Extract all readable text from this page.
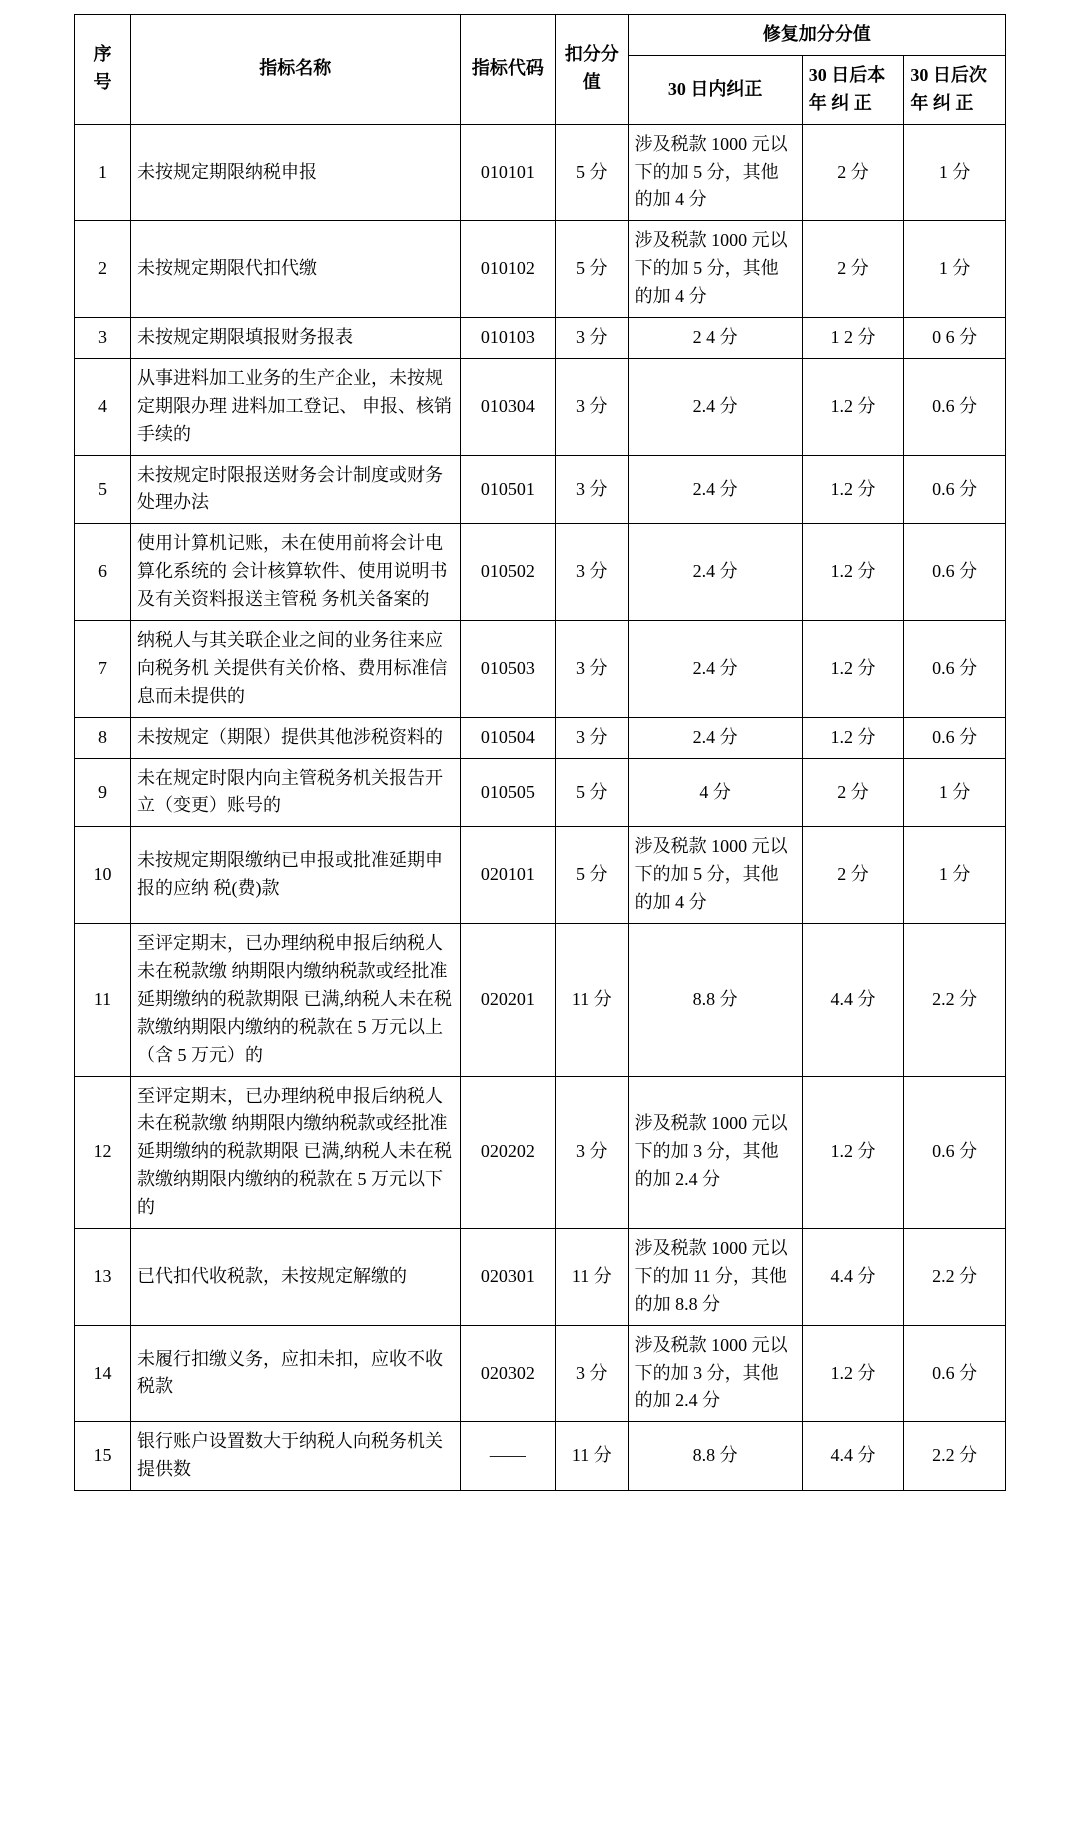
序
号	指标名称	指标代码	扣分分值	修复加分分值		
				30 日内纠正	30 日后本 年 纠 正	30 日后次 年 纠 正
1	未按规定期限纳税申报	010101	5 分	涉及税款 1000 元以下的加 5 分，其他的加 4 分	2 分	1 分
2	未按规定期限代扣代缴	010102	5 分	涉及税款 1000 元以下的加 5 分，其他的加 4 分	2 分	1 分
3	未按规定期限填报财务报表	010103	3 分	2 4 分	1 2 分	0 6 分
4	从事进料加工业务的生产企业，未按规定期限办理 进料加工登记、 申报、核销手续的	010304	3 分	2.4 分	1.2 分	0.6 分
5	未按规定时限报送财务会计制度或财务处理办法	010501	3 分	2.4 分	1.2 分	0.6 分
6	使用计算机记账，未在使用前将会计电算化系统的 会计核算软件、使用说明书及有关资料报送主管税 务机关备案的	010502	3 分	2.4 分	1.2 分	0.6 分
7	纳税人与其关联企业之间的业务往来应向税务机 关提供有关价格、费用标准信息而未提供的	010503	3 分	2.4 分	1.2 分	0.6 分
8	未按规定（期限）提供其他涉税资料的	010504	3 分	2.4 分	1.2 分	0.6 分
9	未在规定时限内向主管税务机关报告开立（变更）账号的	010505	5 分	4 分	2 分	1 分
10	未按规定期限缴纳已申报或批准延期申报的应纳 税(费)款	020101	5 分	涉及税款 1000 元以下的加 5 分，其他的加 4 分	2 分	1 分
11	至评定期末，已办理纳税申报后纳税人未在税款缴 纳期限内缴纳税款或经批准延期缴纳的税款期限 已满,纳税人未在税款缴纳期限内缴纳的税款在 5 万元以上（含 5 万元）的	020201	11 分	8.8 分	4.4 分	2.2 分
12	至评定期末，已办理纳税申报后纳税人未在税款缴 纳期限内缴纳税款或经批准延期缴纳的税款期限 已满,纳税人未在税款缴纳期限内缴纳的税款在 5 万元以下的	020202	3 分	涉及税款 1000 元以下的加 3 分，其他的加 2.4 分	1.2 分	0.6 分
13	已代扣代收税款，未按规定解缴的	020301	11 分	涉及税款 1000 元以下的加 11 分，其他的加 8.8 分	4.4 分	2.2 分
14	未履行扣缴义务，应扣未扣，应收不收税款	020302	3 分	涉及税款 1000 元以下的加 3 分，其他的加 2.4 分	1.2 分	0.6 分
15	银行账户设置数大于纳税人向税务机关提供数	——	11 分	8.8 分	4.4 分	2.2 分
